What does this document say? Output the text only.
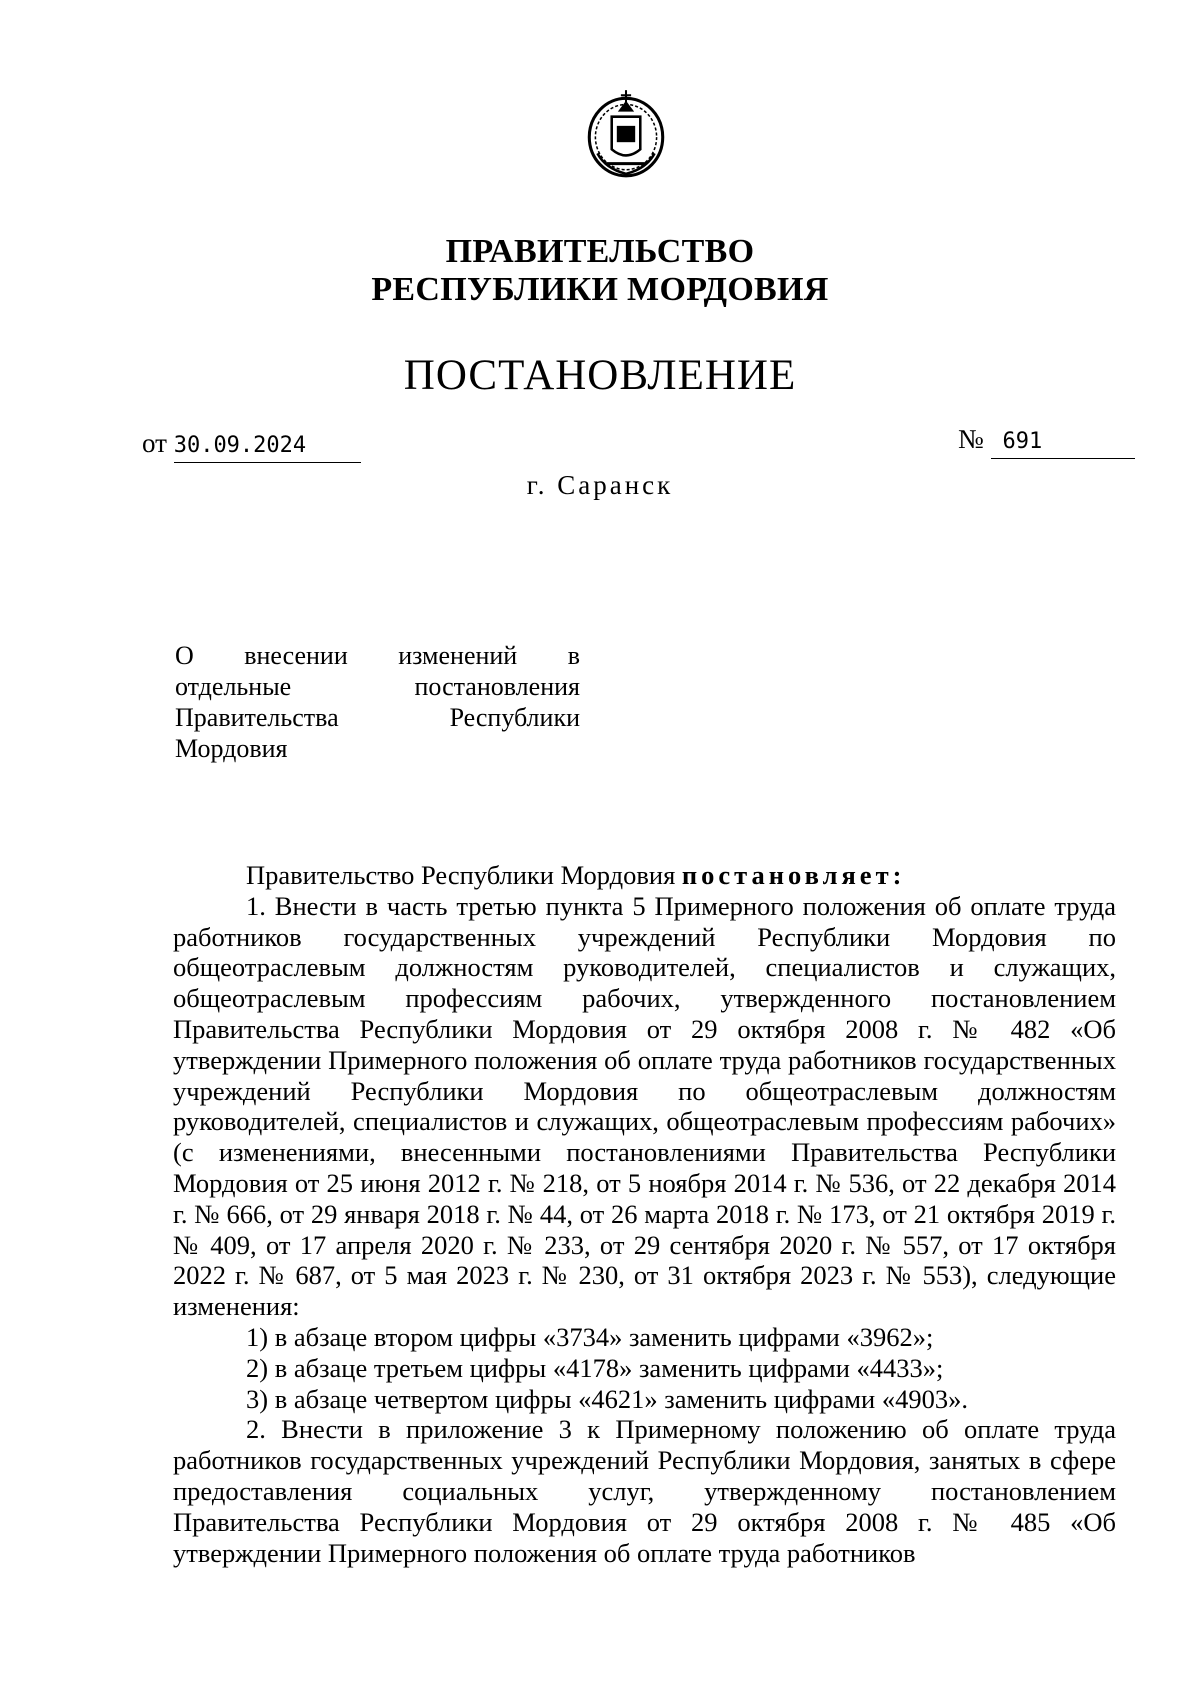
ПРАВИТЕЛЬСТВО
РЕСПУБЛИКИ МОРДОВИЯ
ПОСТАНОВЛЕНИЕ
от 30.09.2024	№ 691
г. Саранск
О внесении изменений в
отдельные	постановления
Правительства	Республики
Мордовия

Правительство Республики Мордовия постановляет:

1. Внести в часть третью пункта 5 Примерного положения об оплате труда работников государственных учреждений Республики Мордовия по общеотраслевым должностям руководителей, специалистов и служащих, общеотраслевым профессиям рабочих, утвержденного постановлением Правительства Республики Мордовия от 29 октября 2008 г. № 482 «Об утверждении Примерного положения об оплате труда работников государственных учреждений Республики Мордовия по общеотраслевым должностям руководителей, специалистов и служащих, общеотраслевым профессиям рабочих» (с изменениями, внесенными постановлениями Правительства Республики Мордовия от 25 июня 2012 г. № 218, от 5 ноября 2014 г. № 536, от 22 декабря 2014 г. № 666, от 29 января 2018 г. № 44, от 26 марта 2018 г. № 173, от 21 октября 2019 г. № 409, от 17 апреля 2020 г. № 233, от 29 сентября 2020 г. № 557, от 17 октября 2022 г. № 687, от 5 мая 2023 г. № 230, от 31 октября 2023 г. № 553), следующие изменения:

1) в абзаце втором цифры «3734» заменить цифрами «3962»;

2) в абзаце третьем цифры «4178» заменить цифрами «4433»;

3) в абзаце четвертом цифры «4621» заменить цифрами «4903».

2. Внести в приложение 3 к Примерному положению об оплате труда работников государственных учреждений Республики Мордовия, занятых в сфере предоставления социальных услуг, утвержденному постановлением Правительства Республики Мордовия от 29 октября 2008 г. № 485 «Об утверждении Примерного положения об оплате труда работников
